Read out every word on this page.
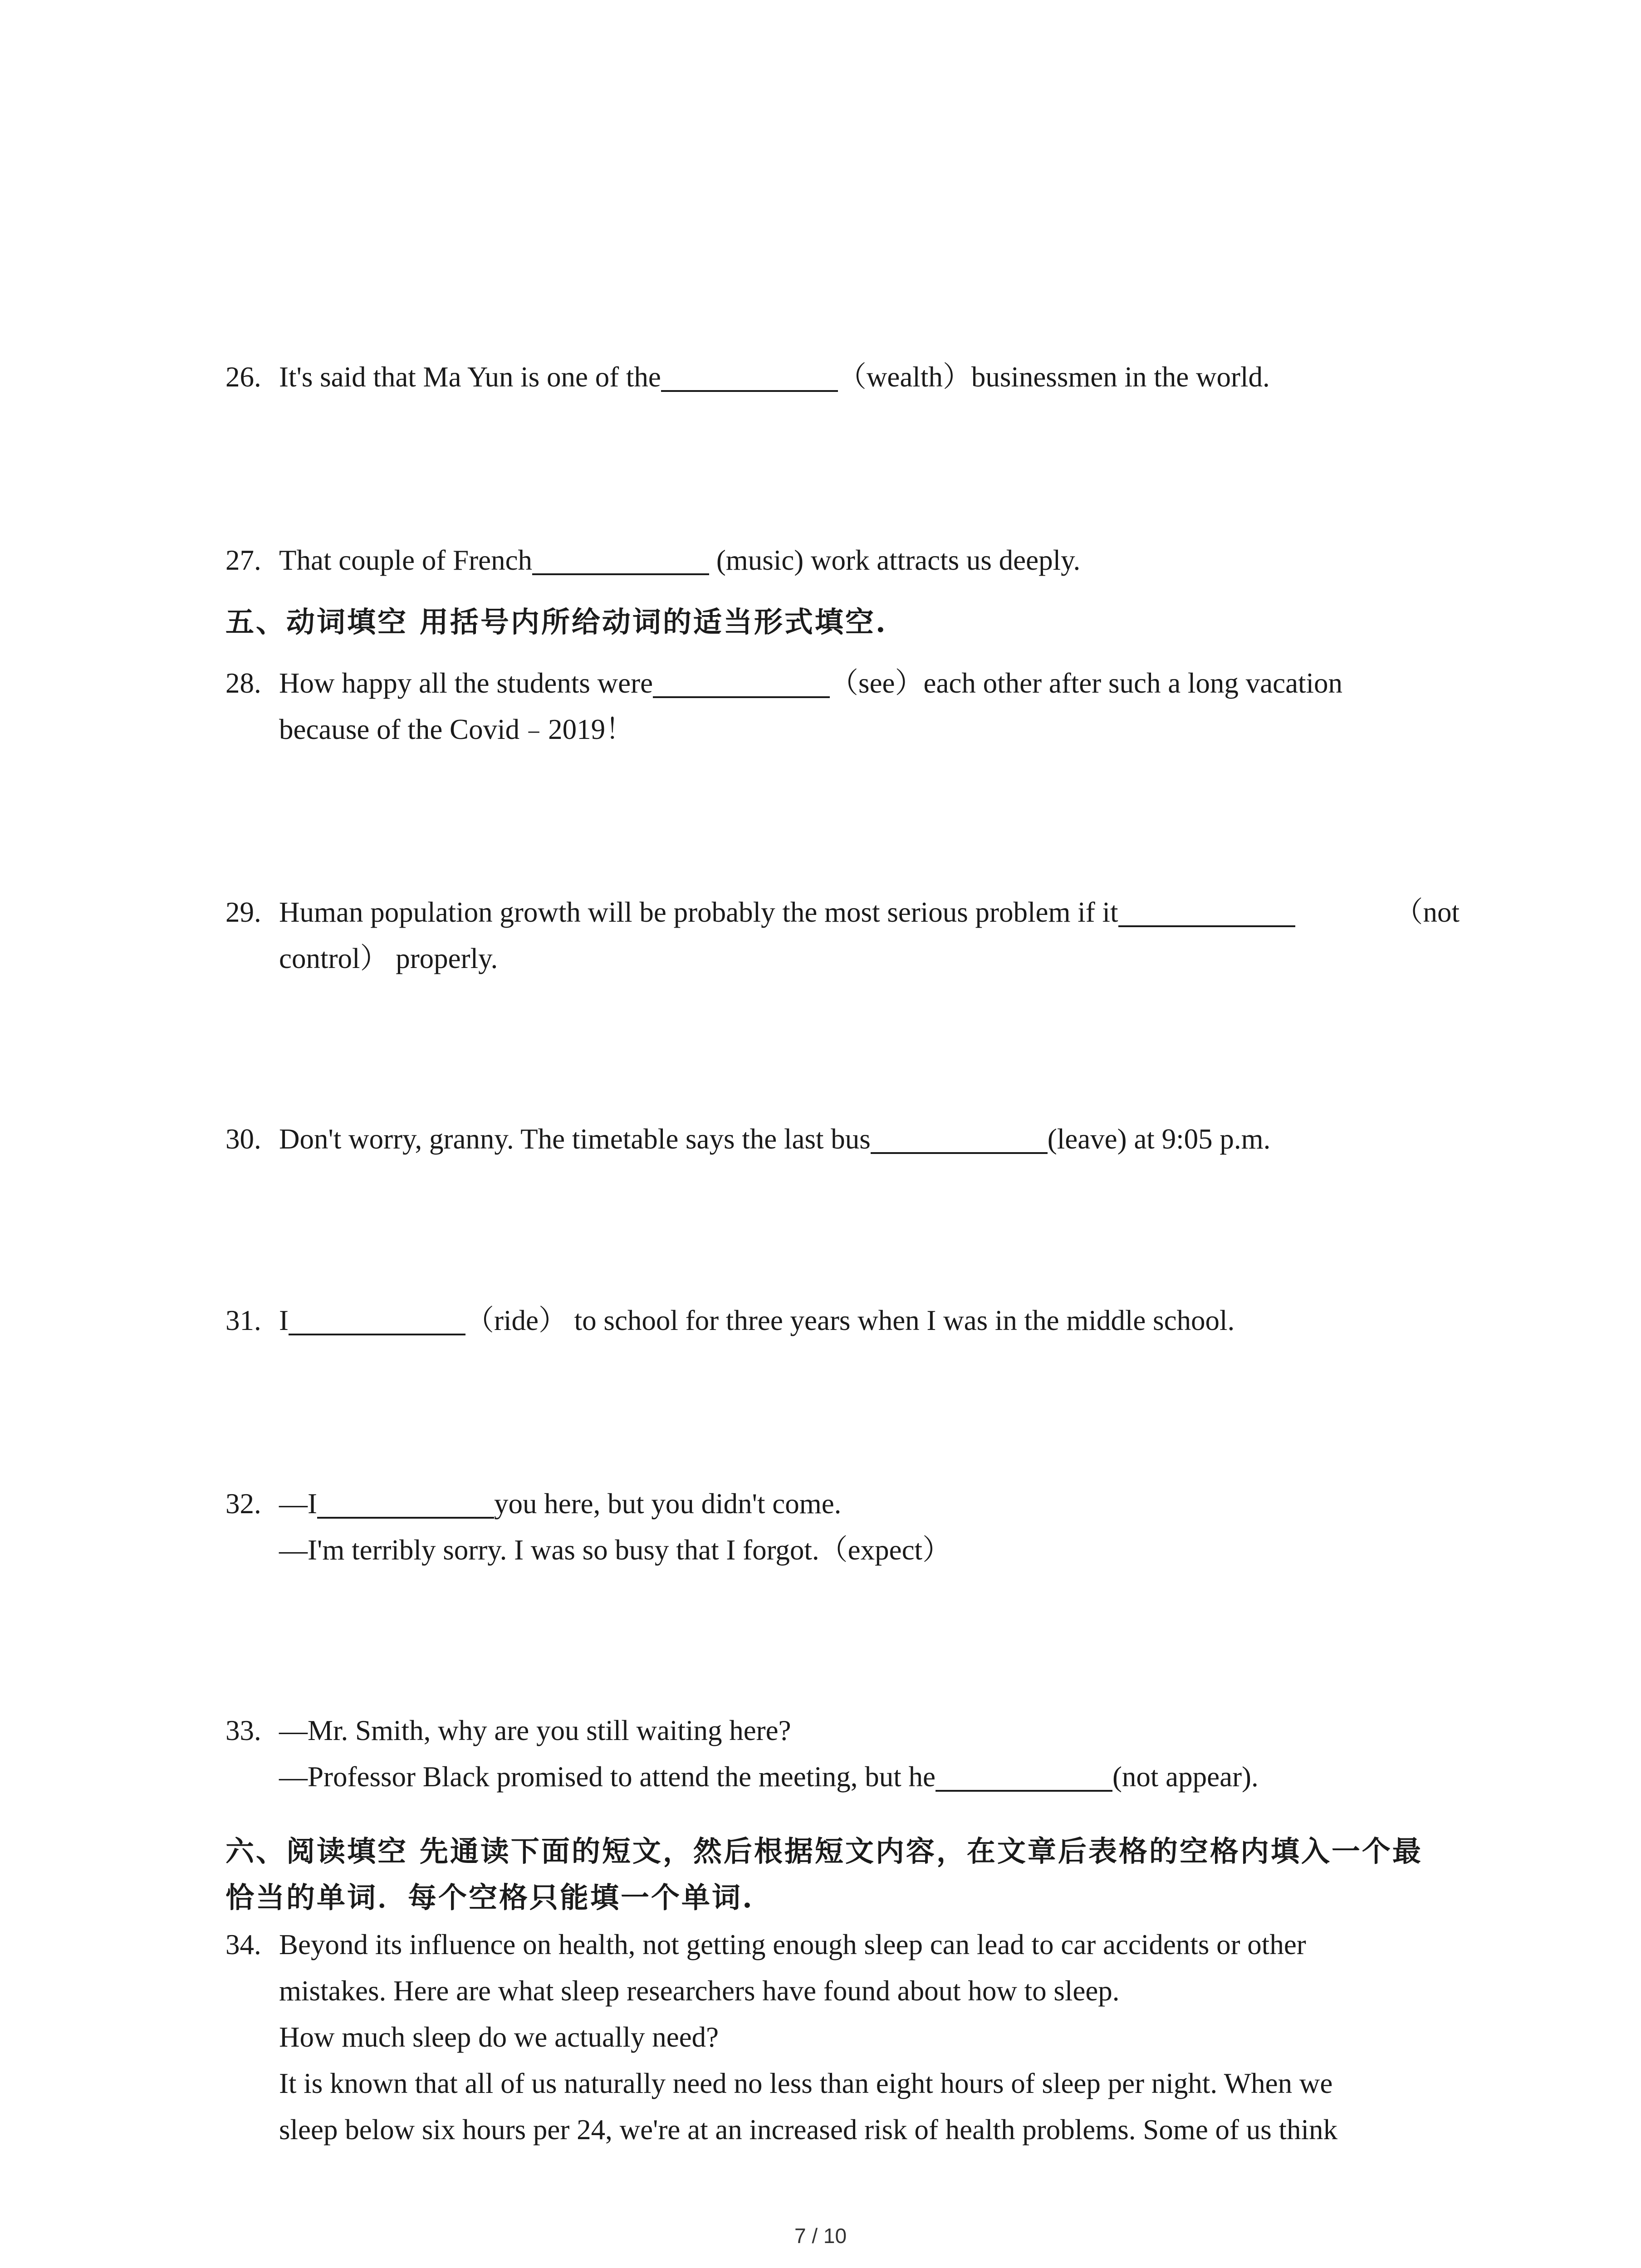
26. It's said that Ma Yun is one of the	（wealth）businessmen in the world.
27. That couple of French	(music) work attracts us deeply.
五、动词填空 用括号内所给动词的适当形式填空.
28. How happy all the students were	（see）each other after such a long vacation
because of the Covid﹣2019！
29. Human population growth will be probably the most serious problem if it	（not
control） properly.
30. Don't worry, granny. The timetable says the last bus	(leave) at 9:05 p.m.
31. I	（ride） to school for three years when I was in the middle school.
32. —I	you here, but you didn't come.
—I'm terribly sorry. I was so busy that I forgot.（expect）
33. —Mr. Smith, why are you still waiting here?
—Professor Black promised to attend the meeting, but he	(not appear).
六、阅读填空 先通读下面的短文，然后根据短文内容，在文章后表格的空格内填入一个最
恰当的单词．每个空格只能填一个单词.
34. Beyond its influence on health, not getting enough sleep can lead to car accidents or other
mistakes. Here are what sleep researchers have found about how to sleep.
How much sleep do we actually need?
It is known that all of us naturally need no less than eight hours of sleep per night. When we
sleep below six hours per 24, we're at an increased risk of health problems. Some of us think
7 / 10
